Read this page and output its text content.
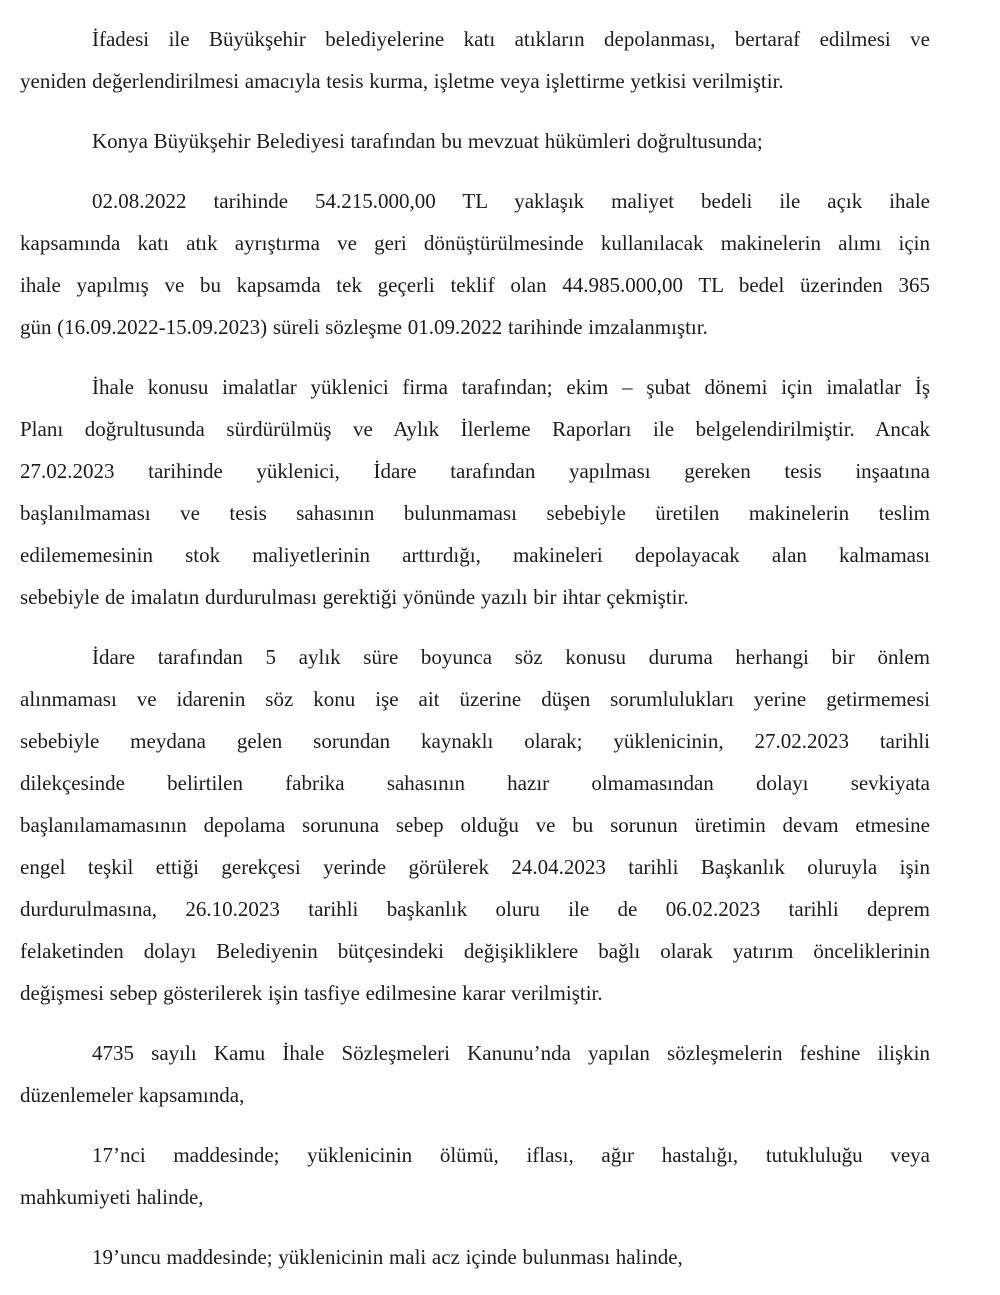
İfadesi ile Büyükşehir belediyelerine katı atıkların depolanması, bertaraf edilmesi ve
yeniden değerlendirilmesi amacıyla tesis kurma, işletme veya işlettirme yetkisi verilmiştir.

Konya Büyükşehir Belediyesi tarafından bu mevzuat hükümleri doğrultusunda;

02.08.2022 tarihinde 54.215.000,00 TL yaklaşık maliyet bedeli ile açık ihale
kapsamında katı atık ayrıştırma ve geri dönüştürülmesinde kullanılacak makinelerin alımı için
ihale yapılmış ve bu kapsamda tek geçerli teklif olan 44.985.000,00 TL bedel üzerinden 365
gün (16.09.2022-15.09.2023) süreli sözleşme 01.09.2022 tarihinde imzalanmıştır.

İhale konusu imalatlar yüklenici firma tarafından; ekim – şubat dönemi için imalatlar İş
Planı doğrultusunda sürdürülmüş ve Aylık İlerleme Raporları ile belgelendirilmiştir. Ancak
27.02.2023 tarihinde yüklenici, İdare tarafından yapılması gereken tesis inşaatına
başlanılmaması ve tesis sahasının bulunmaması sebebiyle üretilen makinelerin teslim
edilememesinin stok maliyetlerinin arttırdığı, makineleri depolayacak alan kalmaması
sebebiyle de imalatın durdurulması gerektiği yönünde yazılı bir ihtar çekmiştir.

İdare tarafından 5 aylık süre boyunca söz konusu duruma herhangi bir önlem
alınmaması ve idarenin söz konu işe ait üzerine düşen sorumlulukları yerine getirmemesi
sebebiyle meydana gelen sorundan kaynaklı olarak; yüklenicinin, 27.02.2023 tarihli
dilekçesinde belirtilen fabrika sahasının hazır olmamasından dolayı sevkiyata
başlanılamamasının depolama sorununa sebep olduğu ve bu sorunun üretimin devam etmesine
engel teşkil ettiği gerekçesi yerinde görülerek 24.04.2023 tarihli Başkanlık oluruyla işin
durdurulmasına, 26.10.2023 tarihli başkanlık oluru ile de 06.02.2023 tarihli deprem
felaketinden dolayı Belediyenin bütçesindeki değişikliklere bağlı olarak yatırım önceliklerinin
değişmesi sebep gösterilerek işin tasfiye edilmesine karar verilmiştir.

4735 sayılı Kamu İhale Sözleşmeleri Kanunu’nda yapılan sözleşmelerin feshine ilişkin
düzenlemeler kapsamında,

17’nci maddesinde; yüklenicinin ölümü, iflası, ağır hastalığı, tutukluluğu veya
mahkumiyeti halinde,

19’uncu maddesinde; yüklenicinin mali acz içinde bulunması halinde,
